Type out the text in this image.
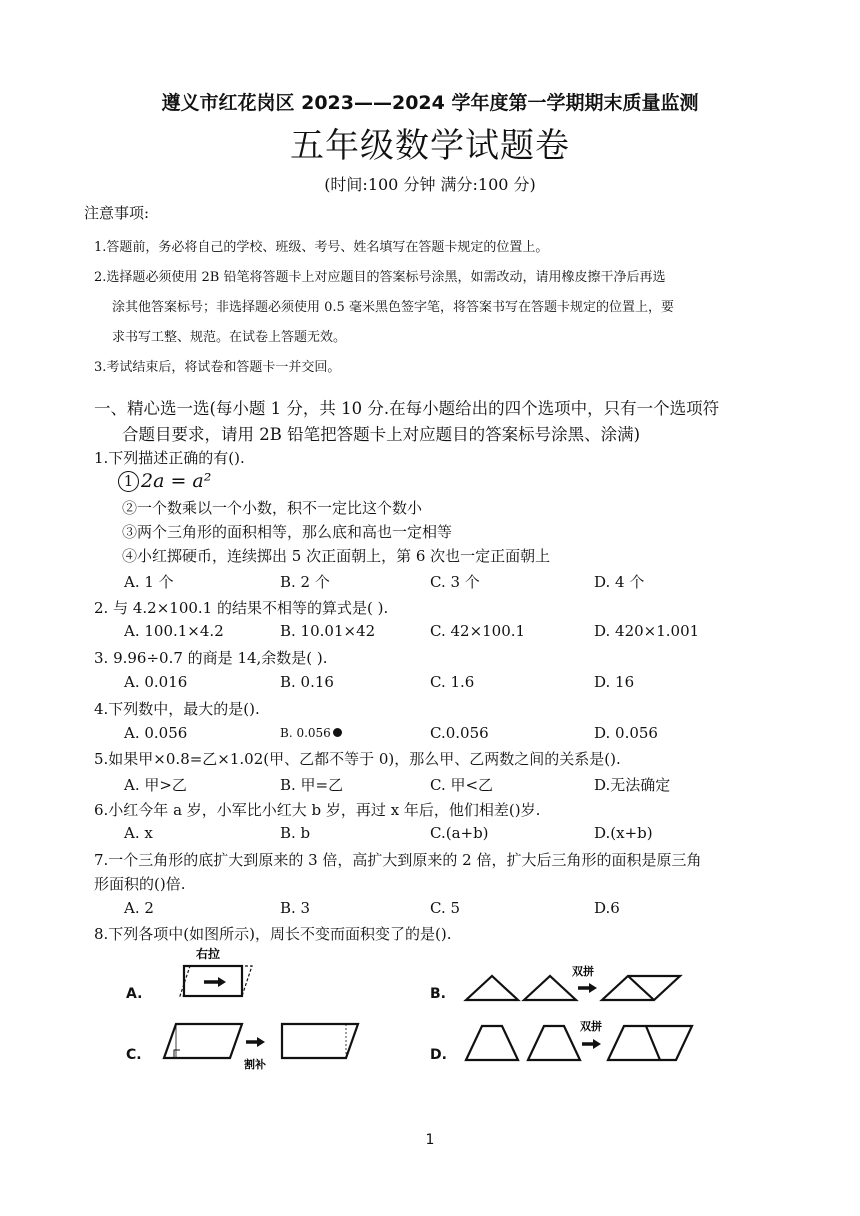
遵义市红花岗区 2023——2024 学年度第一学期期末质量监测
五年级数学试题卷
(时间:100 分钟 满分:100 分)
注意事项:
1.答题前，务必将自己的学校、班级、考号、姓名填写在答题卡规定的位置上。
2.选择题必须使用 2B 铅笔将答题卡上对应题目的答案标号涂黑，如需改动，请用橡皮擦干净后再选
涂其他答案标号；非选择题必须使用 0.5 毫米黑色签字笔，将答案书写在答题卡规定的位置上，要
求书写工整、规范。在试卷上答题无效。
3.考试结束后，将试卷和答题卡一并交回。
一、精心选一选(每小题 1 分，共 10 分.在每小题给出的四个选项中，只有一个选项符
合题目要求，请用 2B 铅笔把答题卡上对应题目的答案标号涂黑、涂满)
1.下列描述正确的有().
1 2a = a²
②一个数乘以一个小数，积不一定比这个数小
③两个三角形的面积相等，那么底和高也一定相等
④小红掷硬币，连续掷出 5 次正面朝上，第 6 次也一定正面朝上
A. 1 个	B. 2 个	C. 3 个	D. 4 个
2. 与 4.2×100.1 的结果不相等的算式是( ).
A. 100.1×4.2	B. 10.01×42	C. 42×100.1	D. 420×1.001
3. 9.96÷0.7 的商是 14,余数是( ).
A. 0.016	B. 0.16	C. 1.6	D. 16
4.下列数中，最大的是().
A. 0.056	B. 0.056	C.0.056	D. 0.056
5.如果甲×0.8=乙×1.02(甲、乙都不等于 0)，那么甲、乙两数之间的关系是().
A. 甲>乙	B. 甲=乙	C. 甲<乙	D.无法确定
6.小红今年 a 岁，小军比小红大 b 岁，再过 x 年后，他们相差()岁.
A. x	B. b	C.(a+b)	D.(x+b)
7.一个三角形的底扩大到原来的 3 倍，高扩大到原来的 2 倍，扩大后三角形的面积是原三角
形面积的()倍.
A. 2	B. 3	C. 5	D.6
8.下列各项中(如图所示)，周长不变而面积变了的是().
A.	B.
C.	D.
右拉
双拼
割补
双拼
1
